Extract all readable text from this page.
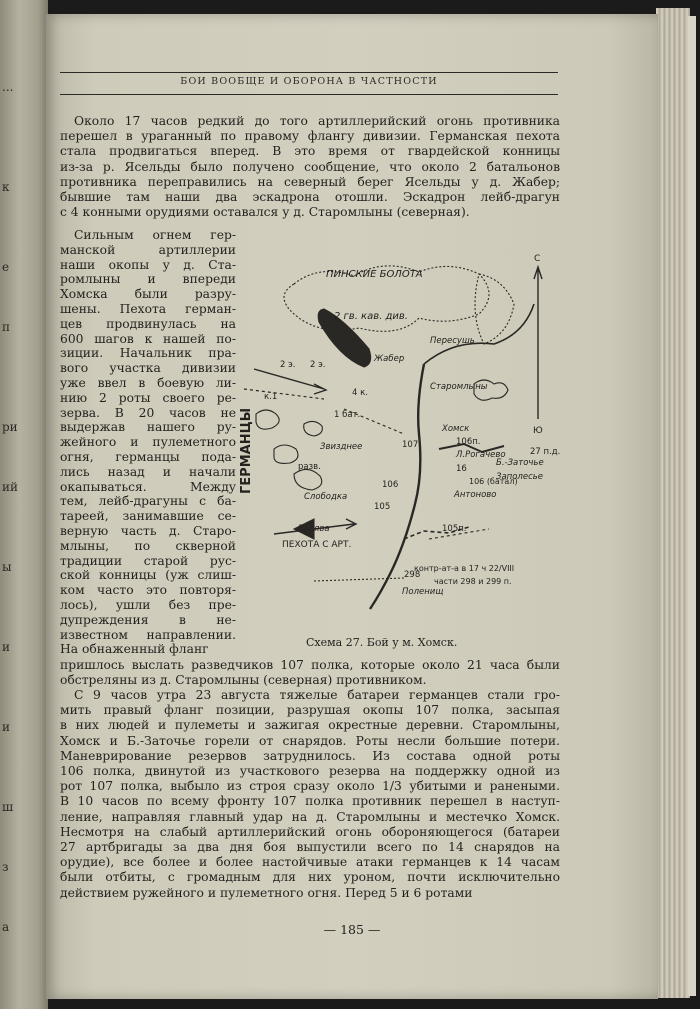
...
к
е
п
ри
ий
ы
и
и
ш
з
а
БОИ ВООБЩЕ И ОБОРОНА В ЧАСТНОСТИ
Около 17 часов редкий до того артиллерийский огонь противника
перешел в ураганный по правому флангу дивизии. Германская пехота
стала продвигаться вперед. В это время от гвардейской конницы
из-за р. Ясельды было получено сообщение, что около 2 батальонов
противника переправились на северный берег Ясельды у д. Жабер;
бывшие там наши два эскадрона отошли. Эскадрон лейб-драгун
с 4 конными орудиями оставался у д. Старомлыны (северная).
Сильным огнем гер-
манской артиллерии
наши окопы у д. Ста-
ромлыны и впереди
Хомска были разру-
шены. Пехота герман-
цев продвинулась на
600 шагов к нашей по-
зиции. Начальник пра-
вого участка дивизии
уже ввел в боевую ли-
нию 2 роты своего ре-
зерва. В 20 часов не
выдержав нашего ру-
жейного и пулеметного
огня, германцы пода-
лись назад и начали
окапываться. Между
тем, лейб-драгуны с ба-
тареей, занимавшие се-
верную часть д. Старо-
млыны, по скверной
традиции старой рус-
ской конницы (уж слиш-
ком часто это повторя-
лось), ушли без пре-
дупреждения в не-
известном направлении.
На обнаженный фланг
пришлось выслать разведчиков 107 полка, которые около 21 часа были
обстреляны из д. Старомлыны (северная) противником.
С 9 часов утра 23 августа тяжелые батареи германцев стали гро-
мить правый фланг позиции, разрушая окопы 107 полка, засыпая
в них людей и пулеметы и зажигая окрестные деревни. Старомлыны,
Хомск и Б.-Заточье горели от снарядов. Роты несли большие потери.
Маневрирование резервов затруднилось. Из состава одной роты
106 полка, двинутой из участкового резерва на поддержку одной из
рот 107 полка, выбыло из строя сразу около 1/3 убитыми и ранеными.
В 10 часов по всему фронту 107 полка противник перешел в наступ-
ление, направляя главный удар на д. Старомлыны и местечко Хомск.
Несмотря на слабый артиллерийский огонь обороняющегося (батареи
27 артбригады за два дня боя выпустили всего по 14 снарядов на
орудие), все более и более настойчивые атаки германцев к 14 часам
были отбиты, с громадным для них уроном, почти исключительно
действием ружейного и пулеметного огня. Перед 5 и 6 ротами
ПИНСКИЕ БОЛОТА
2 гв. кав. див.
ГЕРМАНЦЫ
Жабер
Старомлыны
Хомск
27 п.д.
ПЕХОТА С АРТ.
контр-ат-а в 17 ч 22/VIII
части 298 и 299 п.
С
Ю
107
106
105
106 (батал)
105п.
298
2 э. 2 э.
4 к.
1 бат.
Б.-Заточье
Заполесье
106п.
16
Л.Рогачево
к.1
Пересушь
Слободка
Вьлява
Поленищ
разв.
Звизднее
Антоново
Схема 27. Бой у м. Хомск.
— 185 —
